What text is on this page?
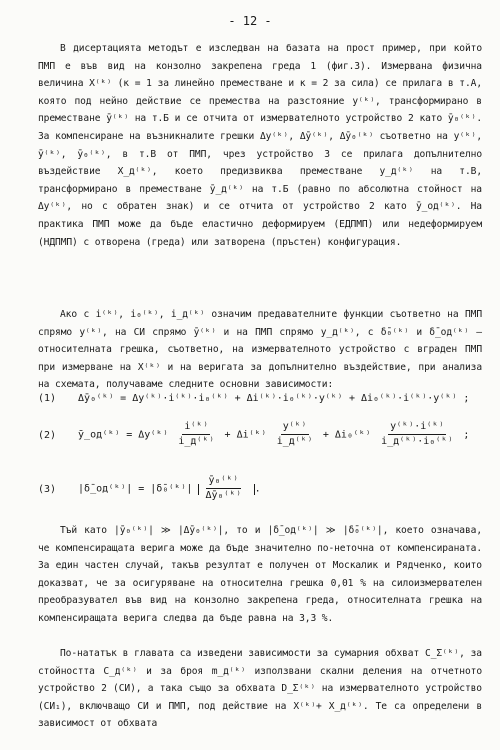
- 12 -
В дисертацията методът е изследван на базата на прост пример, при който ПМП е във вид на конзолно закрепена греда 1 (фиг.3). Измервана физична величина X⁽ᵏ⁾ (к = 1 за линейно преместване и к = 2 за сила) се прилага в т.А, която под нейно действие се премества на разстояние y⁽ᵏ⁾, трансформирано в преместване ȳ⁽ᵏ⁾ на т.Б и се отчита от измервателното устройство 2 като ȳ₀⁽ᵏ⁾. За компенсиране на възникналите грешки Δy⁽ᵏ⁾, Δȳ⁽ᵏ⁾, Δȳ₀⁽ᵏ⁾ съответно на y⁽ᵏ⁾, ȳ⁽ᵏ⁾, ȳ₀⁽ᵏ⁾, в т.В от ПМП, чрез устройство 3 се прилага допълнително въздействие X_д⁽ᵏ⁾, което предизвиква преместване y_д⁽ᵏ⁾ на т.В, трансформирано в преместване ȳ_д⁽ᵏ⁾ на т.Б (равно по абсолютна стойност на Δy⁽ᵏ⁾, но с обратен знак) и се отчита от устройство 2 като ȳ_од⁽ᵏ⁾. На практика ПМП може да бъде еластично деформируем (ЕДПМП) или недеформируем (НДПМП) с отворена (греда) или затворена (пръстен) конфигурация.
Ако с i⁽ᵏ⁾, i₀⁽ᵏ⁾, i_д⁽ᵏ⁾ означим предавателните функции съответно на ПМП спрямо y⁽ᵏ⁾, на СИ спрямо ȳ⁽ᵏ⁾ и на ПМП спрямо y_д⁽ᵏ⁾, с δ̄₀⁽ᵏ⁾ и δ̄_од⁽ᵏ⁾ – относителната грешка, съответно, на измервателното устройство с вграден ПМП при измерване на X⁽ᵏ⁾ и на веригата за допълнително въздействие, при анализа на схемата, получаваме следните основни зависимости:
(1) Δȳ₀⁽ᵏ⁾ = Δy⁽ᵏ⁾·i⁽ᵏ⁾·i₀⁽ᵏ⁾ + Δi⁽ᵏ⁾·i₀⁽ᵏ⁾·y⁽ᵏ⁾ + Δi₀⁽ᵏ⁾·i⁽ᵏ⁾·y⁽ᵏ⁾ ;
(2) ȳ_од⁽ᵏ⁾ = Δy⁽ᵏ⁾ $\frac{\text{i⁽ᵏ⁾}}{\text{i\_д⁽ᵏ⁾}}$ + Δi⁽ᵏ⁾ $\frac{\text{y⁽ᵏ⁾}}{\text{i\_д⁽ᵏ⁾}}$ + Δi₀⁽ᵏ⁾ $\frac{\text{y⁽ᵏ⁾·i⁽ᵏ⁾}}{\text{i\_д⁽ᵏ⁾·i₀⁽ᵏ⁾}}$ ;
(3) |δ̄_од⁽ᵏ⁾| = |δ̄₀⁽ᵏ⁾| $\frac{\text{ȳ₀⁽ᵏ⁾}}{\text{Δȳ₀⁽ᵏ⁾}}$ .
Тъй като |ȳ₀⁽ᵏ⁾| ≫ |Δȳ₀⁽ᵏ⁾|, то и |δ̄_од⁽ᵏ⁾| ≫ |δ̄₀⁽ᵏ⁾|, което означава, че компенсиращата верига може да бъде значително по-неточна от компенсираната. За един частен случай, такъв резултат е получен от Москалик и Рядченко, които доказват, че за осигуряване на относителна грешка 0,01 % на силоизмервателен преобразувател във вид на конзолно закрепена греда, относителната грешка на компенсиращата верига следва да бъде равна на 3,3 %.
По-нататък в главата са изведени зависимости за сумарния обхват C_Σ⁽ᵏ⁾, за стойността C_д⁽ᵏ⁾ и за броя m_д⁽ᵏ⁾ използвани скални деления на отчетното устройство 2 (СИ), а така също за обхвата D_Σ⁽ᵏ⁾ на измервателното устройство (СИ₁), включващо СИ и ПМП, под действие на X⁽ᵏ⁾+ X_д⁽ᵏ⁾. Те са определени в зависимост от обхвата
